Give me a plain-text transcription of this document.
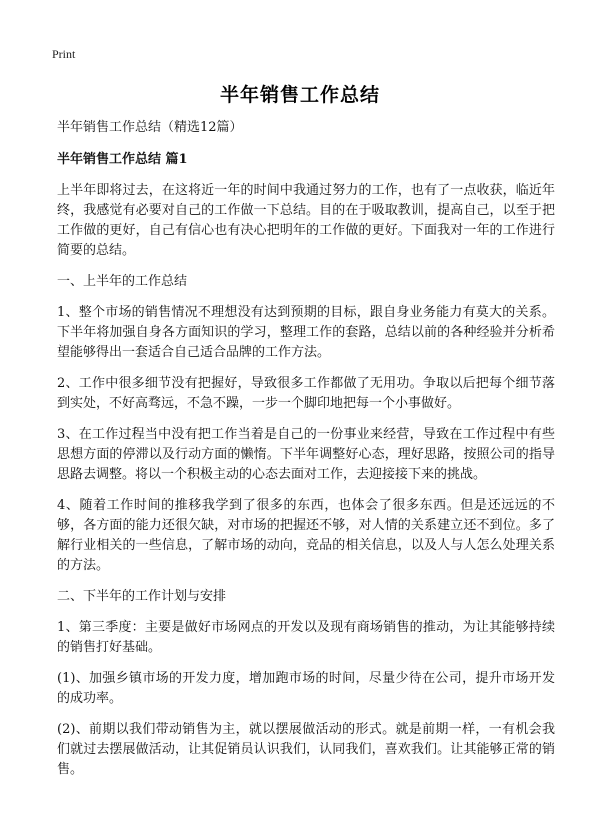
Print
半年销售工作总结

半年销售工作总结（精选12篇）

半年销售工作总结 篇1

上半年即将过去，在这将近一年的时间中我通过努力的工作，也有了一点收获，临近年终，我感觉有必要对自己的工作做一下总结。目的在于吸取教训，提高自己，以至于把工作做的更好，自己有信心也有决心把明年的工作做的更好。下面我对一年的工作进行简要的总结。

一、上半年的工作总结

1、整个市场的销售情况不理想没有达到预期的目标，跟自身业务能力有莫大的关系。下半年将加强自身各方面知识的学习，整理工作的套路，总结以前的各种经验并分析希望能够得出一套适合自己适合品牌的工作方法。

2、工作中很多细节没有把握好，导致很多工作都做了无用功。争取以后把每个细节落到实处，不好高骛远，不急不躁，一步一个脚印地把每一个小事做好。

3、在工作过程当中没有把工作当着是自己的一份事业来经营，导致在工作过程中有些思想方面的停滞以及行动方面的懒惰。下半年调整好心态，理好思路，按照公司的指导思路去调整。将以一个积极主动的心态去面对工作，去迎接接下来的挑战。

4、随着工作时间的推移我学到了很多的东西，也体会了很多东西。但是还远远的不够，各方面的能力还很欠缺，对市场的把握还不够，对人情的关系建立还不到位。多了解行业相关的一些信息，了解市场的动向，竞品的相关信息，以及人与人怎么处理关系的方法。

二、下半年的工作计划与安排

1、第三季度：主要是做好市场网点的开发以及现有商场销售的推动，为让其能够持续的销售打好基础。

(1)、加强乡镇市场的开发力度，增加跑市场的时间，尽量少待在公司，提升市场开发的成功率。

(2)、前期以我们带动销售为主，就以摆展做活动的形式。就是前期一样，一有机会我们就过去摆展做活动，让其促销员认识我们，认同我们，喜欢我们。让其能够正常的销售。
